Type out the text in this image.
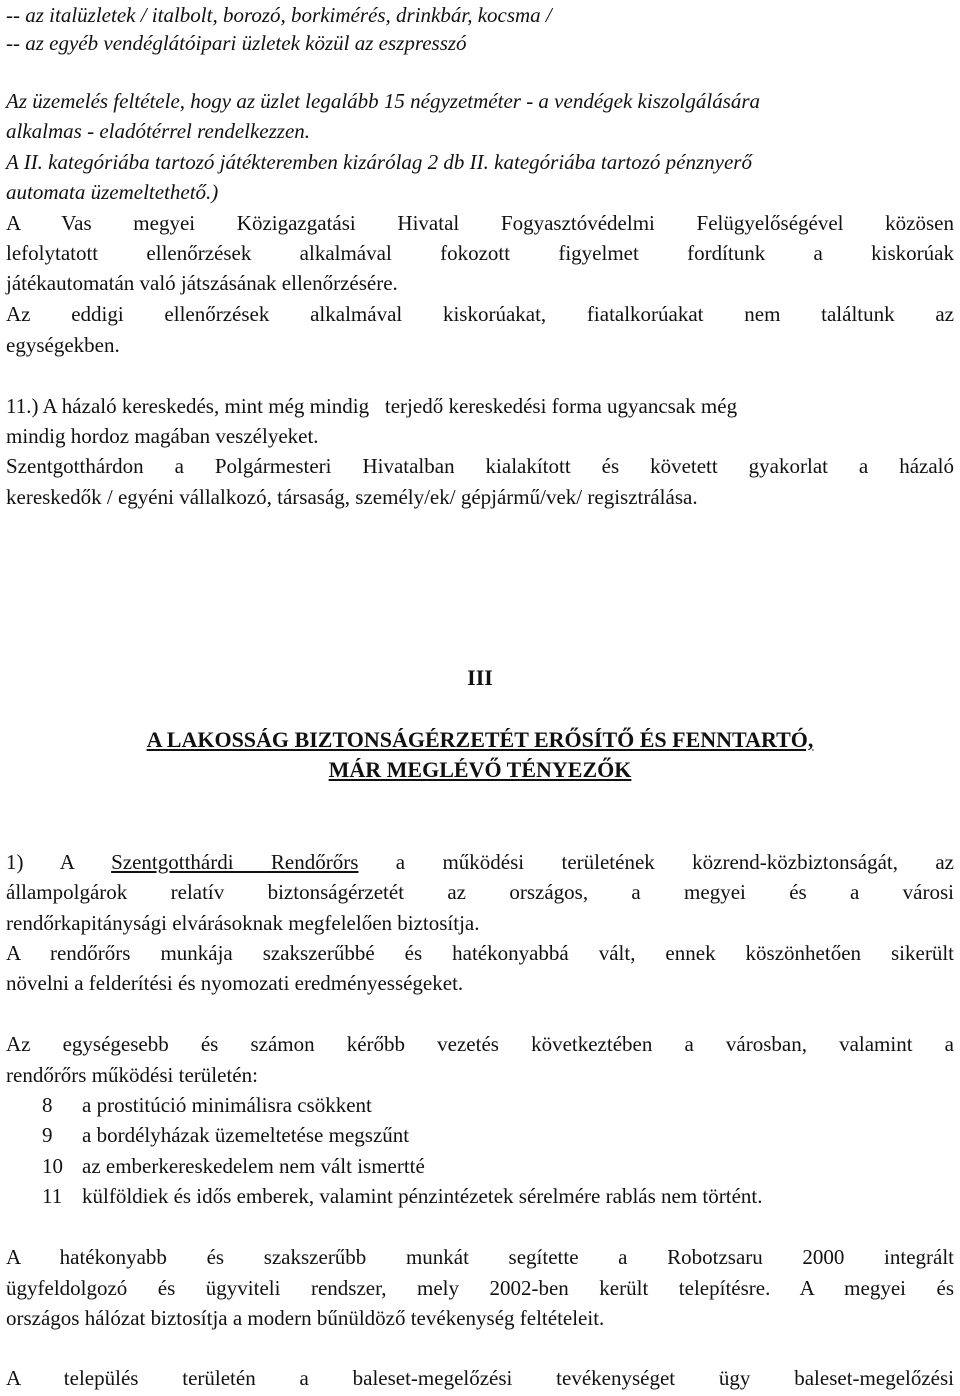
-- az italüzletek / italbolt, borozó, borkimérés, drinkbár, kocsma /
-- az egyéb vendéglátóipari üzletek közül az eszpresszó
Az üzemelés feltétele, hogy az üzlet legalább 15 négyzetméter - a vendégek kiszolgálására
alkalmas - eladótérrel rendelkezzen.
A II. kategóriába tartozó játékteremben kizárólag 2 db II. kategóriába tartozó pénznyerő
automata üzemeltethető.)
A Vas megyei Közigazgatási Hivatal Fogyasztóvédelmi Felügyelőségével közösen
lefolytatott ellenőrzések alkalmával fokozott figyelmet fordítunk a kiskorúak
játékautomatán való játszásának ellenőrzésére.
Az eddigi ellenőrzések alkalmával kiskorúakat, fiatalkorúakat nem találtunk az
egységekben.
11.) A házaló kereskedés, mint még mindig   terjedő kereskedési forma ugyancsak még
mindig hordoz magában veszélyeket.
Szentgotthárdon a Polgármesteri Hivatalban kialakított és követett gyakorlat a házaló
kereskedők / egyéni vállalkozó, társaság, személy/ek/ gépjármű/vek/ regisztrálása.
III
A LAKOSSÁG BIZTONSÁGÉRZETÉT ERŐSÍTŐ ÉS FENNTARTÓ,
MÁR MEGLÉVŐ TÉNYEZŐK
1) A Szentgotthárdi Rendőrőrs a működési területének közrend-közbiztonságát, az
állampolgárok relatív biztonságérzetét az országos, a megyei és a városi
rendőrkapitánysági elvárásoknak megfelelően biztosítja.
A rendőrőrs munkája szakszerűbbé és hatékonyabbá vált, ennek köszönhetően sikerült
növelni a felderítési és nyomozati eredményességeket.
Az egységesebb és számon kérőbb vezetés következtében a városban, valamint a
rendőrőrs működési területén:
8 a prostitúció minimálisra csökkent
9 a bordélyházak üzemeltetése megszűnt
10 az emberkereskedelem nem vált ismertté
11 külföldiek és idős emberek, valamint pénzintézetek sérelmére rablás nem történt.
A hatékonyabb és szakszerűbb munkát segítette a Robotzsaru 2000 integrált
ügyfeldolgozó és ügyviteli rendszer, mely 2002-ben került telepítésre. A megyei és
országos hálózat biztosítja a modern bűnüldöző tevékenység feltételeit.
A település területén a baleset-megelőzési tevékenységet ügy baleset-megelőzési
